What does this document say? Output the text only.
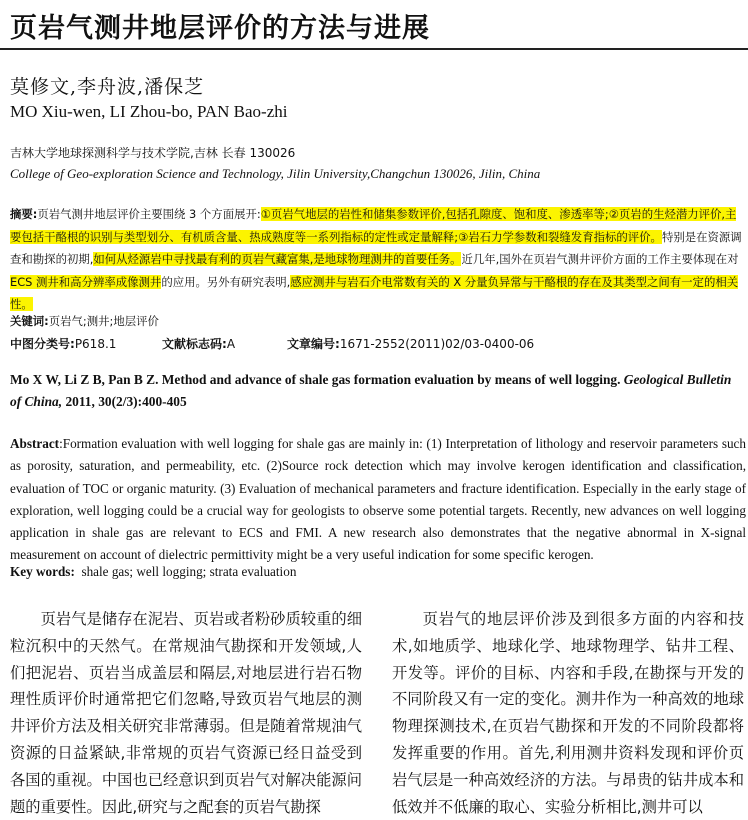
页岩气测井地层评价的方法与进展
莫修文,李舟波,潘保芝
MO Xiu-wen, LI Zhou-bo, PAN Bao-zhi
吉林大学地球探测科学与技术学院,吉林 长春 130026
College of Geo-exploration Science and Technology, Jilin University,Changchun 130026, Jilin, China
摘要:页岩气测井地层评价主要围绕 3 个方面展开:①页岩气地层的岩性和储集参数评价,包括孔隙度、饱和度、渗透率等;②页岩的生烃潜力评价,主要包括干酪根的识别与类型划分、有机质含量、热成熟度等一系列指标的定性或定量解释;③岩石力学参数和裂缝发育指标的评价。特别是在资源调查和勘探的初期,如何从烃源岩中寻找最有利的页岩气藏富集,是地球物理测井的首要任务。近几年,国外在页岩气测井评价方面的工作主要体现在对ECS 测井和高分辨率成像测井的应用。另外有研究表明,感应测井与岩石介电常数有关的 X 分量负异常与干酪根的存在及其类型之间有一定的相关性。
关键词:页岩气;测井;地层评价
中图分类号:P618.1	文献标志码:A	文章编号:1671-2552(2011)02/03-0400-06
Mo X W, Li Z B, Pan B Z. Method and advance of shale gas formation evaluation by means of well logging. Geological Bulletin of China, 2011, 30(2/3):400-405
Abstract:Formation evaluation with well logging for shale gas are mainly in: (1) Interpretation of lithology and reservoir parameters such as porosity, saturation, and permeability, etc. (2)Source rock detection which may involve kerogen identification and classification, evaluation of TOC or organic maturity. (3) Evaluation of mechanical parameters and fracture identification. Especially in the early stage of exploration, well logging could be a crucial way for geologists to observe some potential targets. Recently, new advances on well logging application in shale gas are relevant to ECS and FMI. A new research also demonstrates that the negative abnormal in X-signal measurement on account of dielectric permittivity might be a very useful indication for some specific kerogen.
Key words: shale gas; well logging; strata evaluation
页岩气是储存在泥岩、页岩或者粉砂质较重的细粒沉积中的天然气。在常规油气勘探和开发领域,人们把泥岩、页岩当成盖层和隔层,对地层进行岩石物理性质评价时通常把它们忽略,导致页岩气地层的测井评价方法及相关研究非常薄弱。但是随着常规油气资源的日益紧缺,非常规的页岩气资源已经日益受到各国的重视。中国也已经意识到页岩气对解决能源问题的重要性。因此,研究与之配套的页岩气勘探
页岩气的地层评价涉及到很多方面的内容和技术,如地质学、地球化学、地球物理学、钻井工程、开发等。评价的目标、内容和手段,在勘探与开发的不同阶段又有一定的变化。测井作为一种高效的地球物理探测技术,在页岩气勘探和开发的不同阶段都将发挥重要的作用。首先,利用测井资料发现和评价页岩气层是一种高效经济的方法。与昂贵的钻井成本和低效并不低廉的取心、实验分析相比,测井可以
